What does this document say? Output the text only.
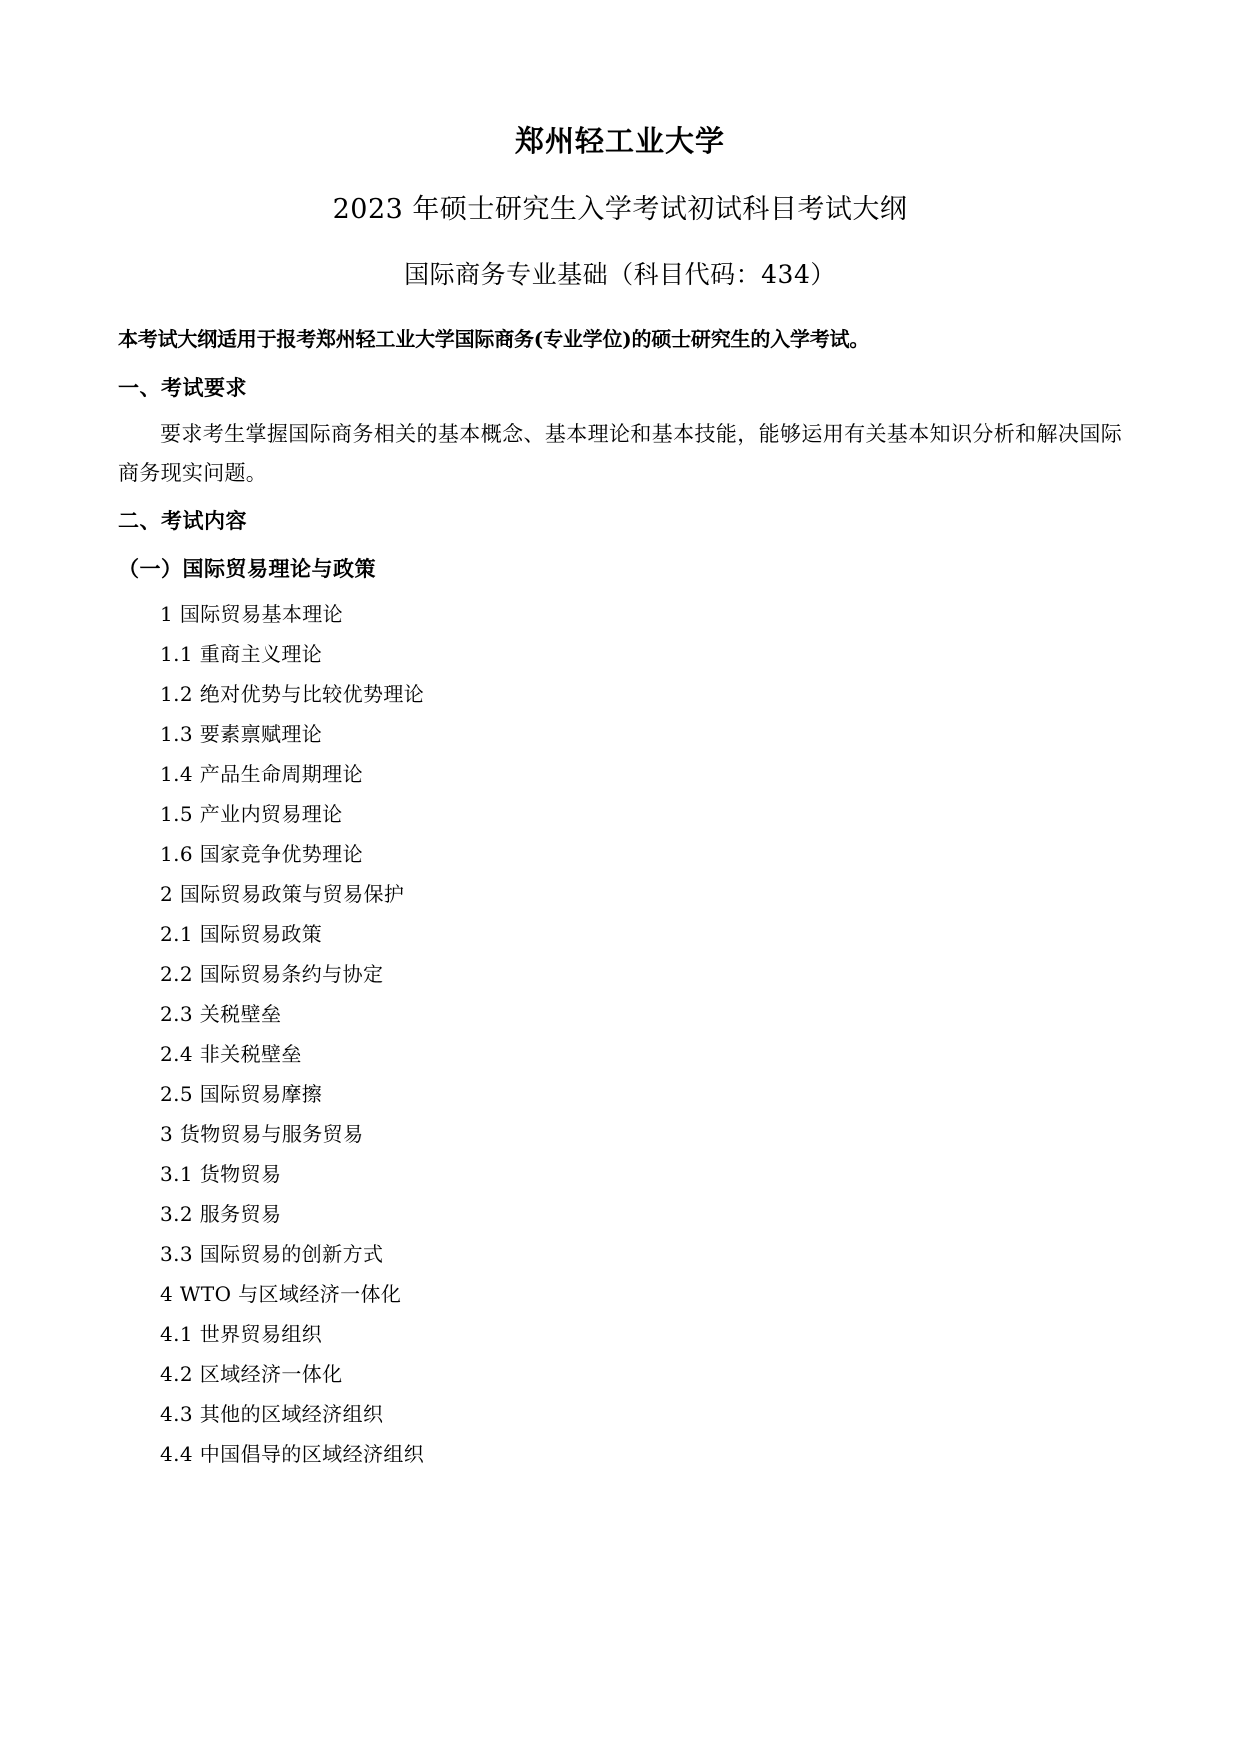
郑州轻工业大学
2023 年硕士研究生入学考试初试科目考试大纲
国际商务专业基础（科目代码：434）

本考试大纲适用于报考郑州轻工业大学国际商务(专业学位)的硕士研究生的入学考试。

一、考试要求

要求考生掌握国际商务相关的基本概念、基本理论和基本技能，能够运用有关基本知识分析和解决国际商务现实问题。

二、考试内容
（一）国际贸易理论与政策
1 国际贸易基本理论
1.1 重商主义理论
1.2 绝对优势与比较优势理论
1.3 要素禀赋理论
1.4 产品生命周期理论
1.5 产业内贸易理论
1.6 国家竞争优势理论
2 国际贸易政策与贸易保护
2.1 国际贸易政策
2.2 国际贸易条约与协定
2.3 关税壁垒
2.4 非关税壁垒
2.5 国际贸易摩擦
3 货物贸易与服务贸易
3.1 货物贸易
3.2 服务贸易
3.3 国际贸易的创新方式
4 WTO 与区域经济一体化
4.1 世界贸易组织
4.2 区域经济一体化
4.3 其他的区域经济组织
4.4 中国倡导的区域经济组织
